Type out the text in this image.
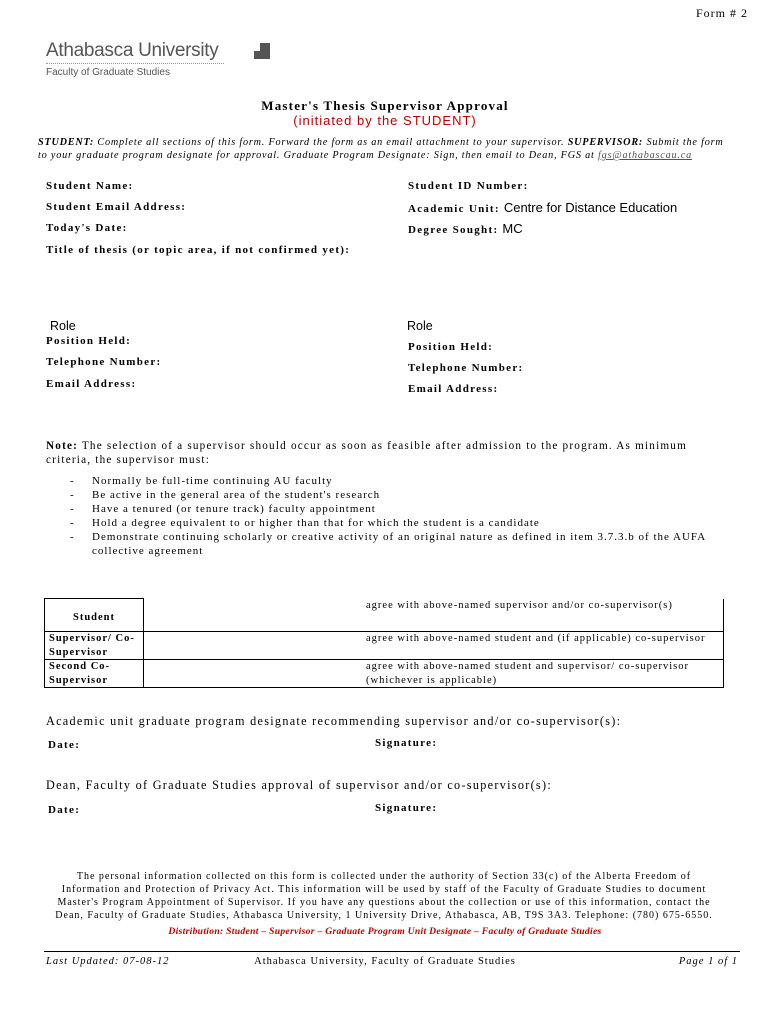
Form # 2
Athabasca University
Faculty of Graduate Studies
Master's Thesis Supervisor Approval
(initiated by the STUDENT)
STUDENT: Complete all sections of this form. Forward the form as an email attachment to your supervisor. SUPERVISOR: Submit the form to your graduate program designate for approval. Graduate Program Designate: Sign, then email to Dean, FGS at fgs@athabascau.ca
Student Name:
Student Email Address:
Today's Date:
Student ID Number:
Academic Unit: Centre for Distance Education
Degree Sought: MC
Title of thesis (or topic area, if not confirmed yet):
Role
Position Held:
Telephone Number:
Email Address:
Role
Position Held:
Telephone Number:
Email Address:
Note: The selection of a supervisor should occur as soon as feasible after admission to the program. As minimum criteria, the supervisor must:
- Normally be full-time continuing AU faculty
- Be active in the general area of the student's research
- Have a tenured (or tenure track) faculty appointment
- Hold a degree equivalent to or higher than that for which the student is a candidate
- Demonstrate continuing scholarly or creative activity of an original nature as defined in item 3.7.3.b of the AUFA collective agreement
Student		agree with above-named supervisor and/or co-supervisor(s)
Supervisor/ Co-Supervisor		agree with above-named student and (if applicable) co-supervisor
Second Co-Supervisor		agree with above-named student and supervisor/ co-supervisor (whichever is applicable)
Academic unit graduate program designate recommending supervisor and/or co-supervisor(s):
Date:	Signature:
Dean, Faculty of Graduate Studies approval of supervisor and/or co-supervisor(s):
Date:	Signature:
The personal information collected on this form is collected under the authority of Section 33(c) of the Alberta Freedom of Information and Protection of Privacy Act. This information will be used by staff of the Faculty of Graduate Studies to document Master's Program Appointment of Supervisor. If you have any questions about the collection or use of this information, contact the Dean, Faculty of Graduate Studies, Athabasca University, 1 University Drive, Athabasca, AB, T9S 3A3. Telephone: (780) 675-6550.
Distribution: Student – Supervisor – Graduate Program Unit Designate – Faculty of Graduate Studies
Last Updated: 07-08-12	Athabasca University, Faculty of Graduate Studies	Page 1 of 1
